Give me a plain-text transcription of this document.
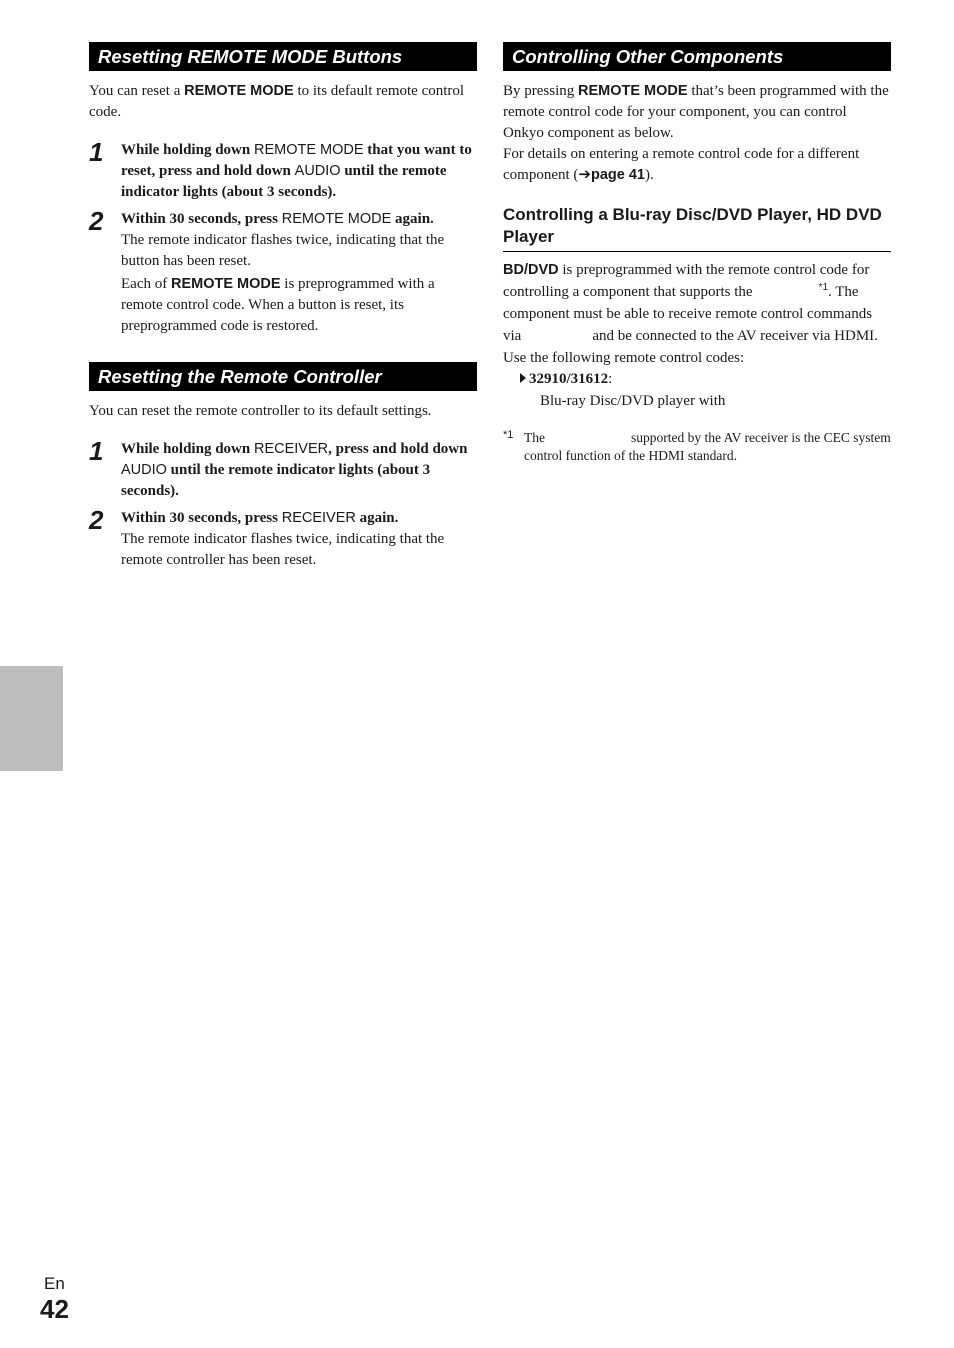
Resetting REMOTE MODE Buttons

You can reset a REMOTE MODE to its default remote control code.

1 While holding down REMOTE MODE that you want to reset, press and hold down AUDIO until the remote indicator lights (about 3 seconds).

2 Within 30 seconds, press REMOTE MODE again.

The remote indicator flashes twice, indicating that the button has been reset.

Each of REMOTE MODE is preprogrammed with a remote control code. When a button is reset, its preprogrammed code is restored.

Resetting the Remote Controller

You can reset the remote controller to its default settings.

1 While holding down RECEIVER, press and hold down AUDIO until the remote indicator lights (about 3 seconds).

2 Within 30 seconds, press RECEIVER again.

The remote indicator flashes twice, indicating that the remote controller has been reset.

Controlling Other Components

By pressing REMOTE MODE that’s been programmed with the remote control code for your component, you can control Onkyo component as below.

For details on entering a remote control code for a different component (➔page 41).

Controlling a Blu-ray Disc/DVD Player, HD DVD Player

BD/DVD is preprogrammed with the remote control code for controlling a component that supports the	$^{*1}$. The component must be able to receive remote control commands via	and be connected to the AV receiver via HDMI.

Use the following remote control codes:

32910/31612:

Blu-ray Disc/DVD player with

*1 The	supported by the AV receiver is the CEC system control function of the HDMI standard.
En
42
